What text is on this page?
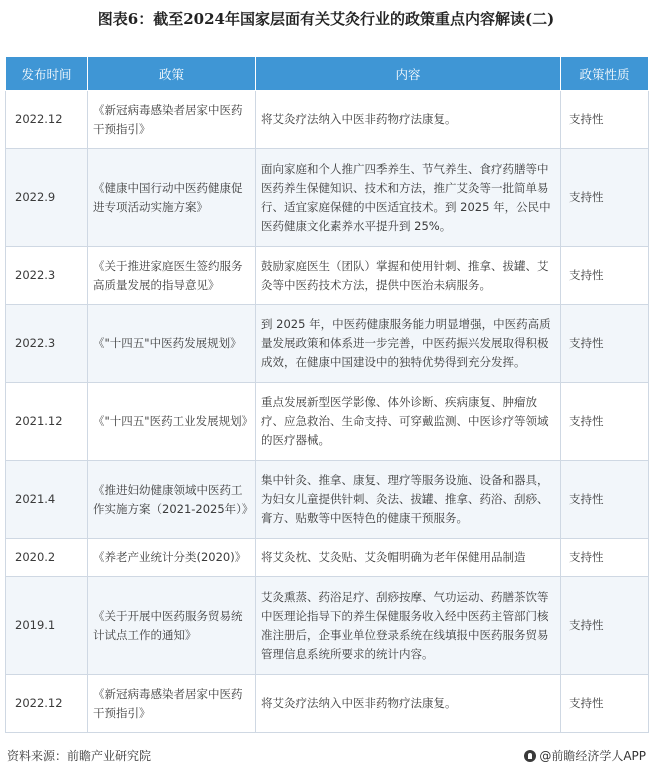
图表6：截至2024年国家层面有关艾灸行业的政策重点内容解读(二)
发布时间	政策	内容	政策性质
2022.12	《新冠病毒感染者居家中医药干预指引》	将艾灸疗法纳入中医非药物疗法康复。	支持性
2022.9	《健康中国行动中医药健康促进专项活动实施方案》	面向家庭和个人推广四季养生、节气养生、食疗药膳等中医药养生保健知识、技术和方法，推广艾灸等一批简单易行、适宜家庭保健的中医适宜技术。到 2025 年，公民中医药健康文化素养水平提升到 25%。	支持性
2022.3	《关于推进家庭医生签约服务高质量发展的指导意见》	鼓励家庭医生（团队）掌握和使用针刺、推拿、拔罐、艾灸等中医药技术方法，提供中医治未病服务。	支持性
2022.3	《"十四五"中医药发展规划》	到 2025 年，中医药健康服务能力明显增强，中医药高质量发展政策和体系进一步完善，中医药振兴发展取得积极成效，在健康中国建设中的独特优势得到充分发挥。	支持性
2021.12	《"十四五"医药工业发展规划》	重点发展新型医学影像、体外诊断、疾病康复、肿瘤放疗、应急救治、生命支持、可穿戴监测、中医诊疗等领域的医疗器械。	支持性
2021.4	《推进妇幼健康领域中医药工作实施方案（2021-2025年）》	集中针灸、推拿、康复、理疗等服务设施、设备和器具，为妇女儿童提供针刺、灸法、拔罐、推拿、药浴、刮痧、膏方、贴敷等中医特色的健康干预服务。	支持性
2020.2	《养老产业统计分类(2020)》	将艾灸枕、艾灸贴、艾灸帽明确为老年保健用品制造	支持性
2019.1	《关于开展中医药服务贸易统计试点工作的通知》	艾灸熏蒸、药浴足疗、刮痧按摩、气功运动、药膳茶饮等中医理论指导下的养生保健服务收入经中医药主管部门核准注册后，企事业单位登录系统在线填报中医药服务贸易管理信息系统所要求的统计内容。	支持性
2022.12	《新冠病毒感染者居家中医药干预指引》	将艾灸疗法纳入中医非药物疗法康复。	支持性
资料来源：前瞻产业研究院	@前瞻经济学人APP
